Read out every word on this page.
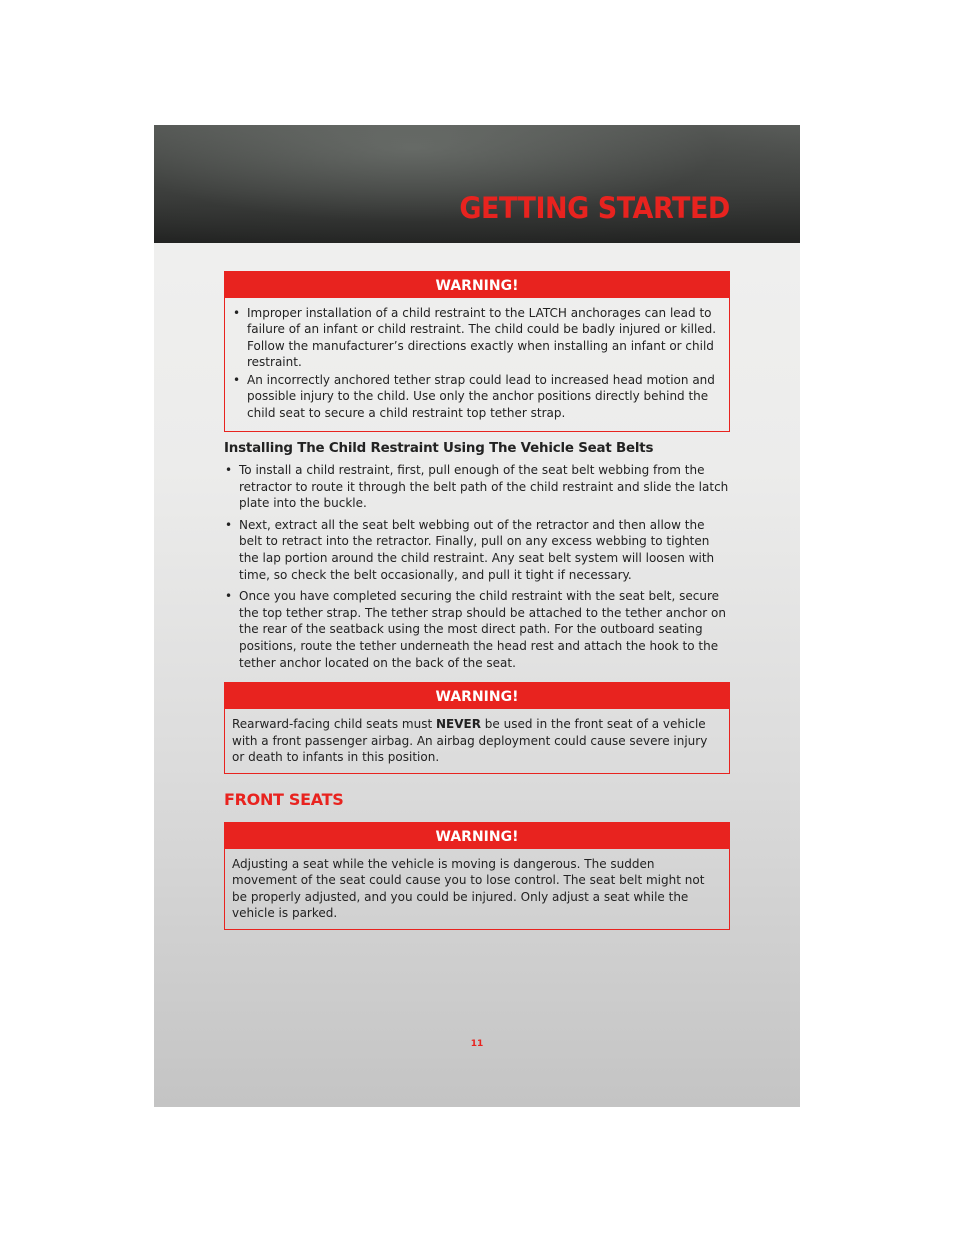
GETTING STARTED
WARNING!
• Improper installation of a child restraint to the LATCH anchorages can lead to failure of an infant or child restraint. The child could be badly injured or killed. Follow the manufacturer’s directions exactly when installing an infant or child restraint.
• An incorrectly anchored tether strap could lead to increased head motion and possible injury to the child. Use only the anchor positions directly behind the child seat to secure a child restraint top tether strap.
Installing The Child Restraint Using The Vehicle Seat Belts
• To install a child restraint, first, pull enough of the seat belt webbing from the retractor to route it through the belt path of the child restraint and slide the latch plate into the buckle.
• Next, extract all the seat belt webbing out of the retractor and then allow the belt to retract into the retractor. Finally, pull on any excess webbing to tighten the lap portion around the child restraint. Any seat belt system will loosen with time, so check the belt occasionally, and pull it tight if necessary.
• Once you have completed securing the child restraint with the seat belt, secure the top tether strap. The tether strap should be attached to the tether anchor on the rear of the seatback using the most direct path. For the outboard seating positions, route the tether underneath the head rest and attach the hook to the tether anchor located on the back of the seat.
WARNING!
Rearward-facing child seats must NEVER be used in the front seat of a vehicle with a front passenger airbag. An airbag deployment could cause severe injury or death to infants in this position.
FRONT SEATS
WARNING!
Adjusting a seat while the vehicle is moving is dangerous. The sudden movement of the seat could cause you to lose control. The seat belt might not be properly adjusted, and you could be injured. Only adjust a seat while the vehicle is parked.
11
